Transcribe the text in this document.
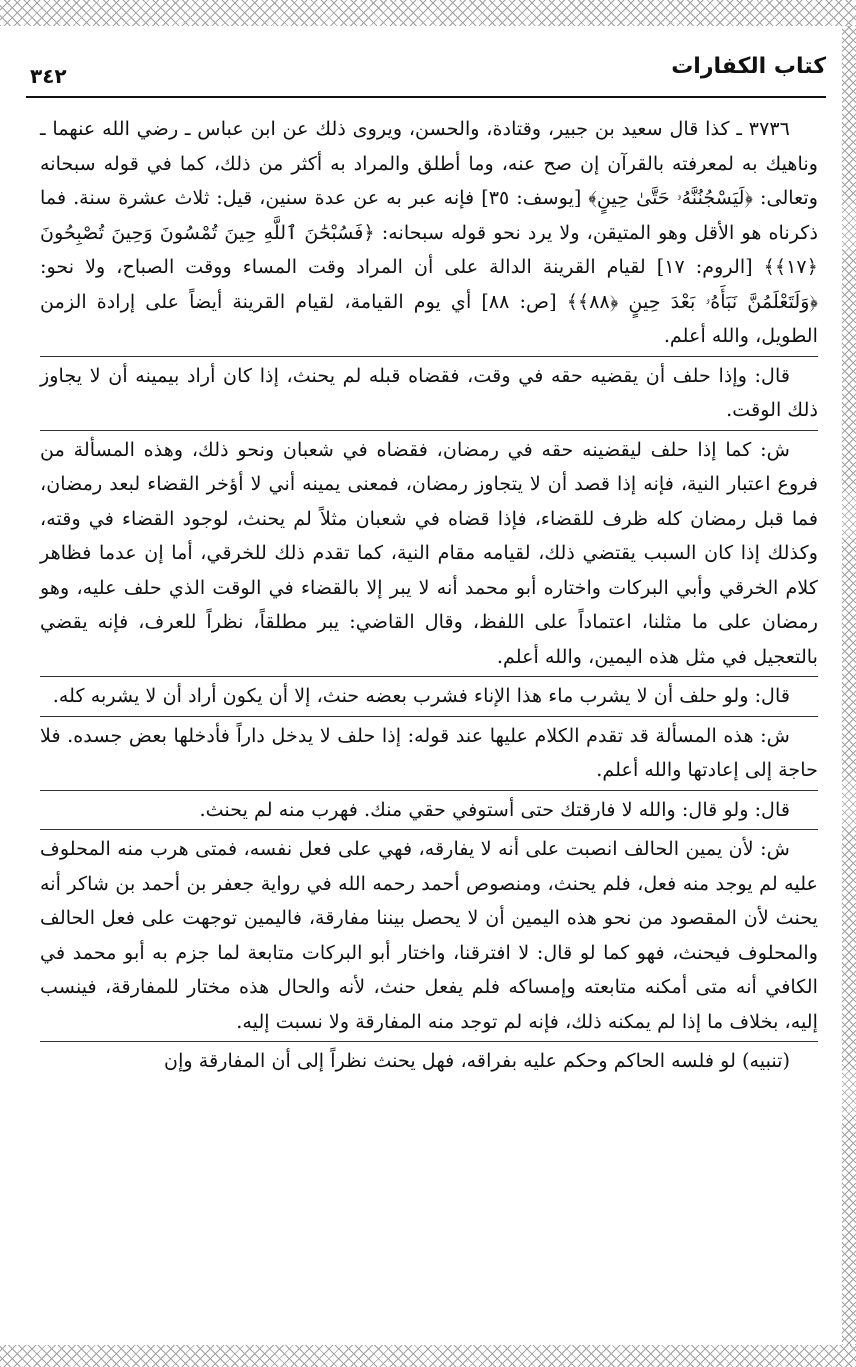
كتاب الكفارات
٣٤٢

٣٧٣٦ ـ كذا قال سعيد بن جبير، وقتادة، والحسن، ويروى ذلك عن ابن عباس ـ رضي الله عنهما ـ وناهيك به لمعرفته بالقرآن إن صح عنه، وما أطلق والمراد به أكثر من ذلك، كما في قوله سبحانه وتعالى: ﴿لَيَسْجُنُنَّهُۥ حَتَّىٰ حِينٍ﴾ [يوسف: ٣٥] فإنه عبر به عن عدة سنين، قيل: ثلاث عشرة سنة. فما ذكرناه هو الأقل وهو المتيقن، ولا يرد نحو قوله سبحانه: ﴿فَسُبْحَٰنَ ٱللَّهِ حِينَ تُمْسُونَ وَحِينَ تُصْبِحُونَ ﴿١٧﴾﴾ [الروم: ١٧] لقيام القرينة الدالة على أن المراد وقت المساء ووقت الصباح، ولا نحو: ﴿وَلَتَعْلَمُنَّ نَبَأَهُۥ بَعْدَ حِينٍ ﴿٨٨﴾﴾ [ص: ٨٨] أي يوم القيامة، لقيام القرينة أيضاً على إرادة الزمن الطويل، والله أعلم.

قال: وإذا حلف أن يقضيه حقه في وقت، فقضاه قبله لم يحنث، إذا كان أراد بيمينه أن لا يجاوز ذلك الوقت.

ش: كما إذا حلف ليقضينه حقه في رمضان، فقضاه في شعبان ونحو ذلك، وهذه المسألة من فروع اعتبار النية، فإنه إذا قصد أن لا يتجاوز رمضان، فمعنى يمينه أني لا أؤخر القضاء لبعد رمضان، فما قبل رمضان كله ظرف للقضاء، فإذا قضاه في شعبان مثلاً لم يحنث، لوجود القضاء في وقته، وكذلك إذا كان السبب يقتضي ذلك، لقيامه مقام النية، كما تقدم ذلك للخرقي، أما إن عدما فظاهر كلام الخرقي وأبي البركات واختاره أبو محمد أنه لا يبر إلا بالقضاء في الوقت الذي حلف عليه، وهو رمضان على ما مثلنا، اعتماداً على اللفظ، وقال القاضي: يبر مطلقاً، نظراً للعرف، فإنه يقضي بالتعجيل في مثل هذه اليمين، والله أعلم.

قال: ولو حلف أن لا يشرب ماء هذا الإناء فشرب بعضه حنث، إلا أن يكون أراد أن لا يشربه كله.

ش: هذه المسألة قد تقدم الكلام عليها عند قوله: إذا حلف لا يدخل داراً فأدخلها بعض جسده. فلا حاجة إلى إعادتها والله أعلم.

قال: ولو قال: والله لا فارقتك حتى أستوفي حقي منك. فهرب منه لم يحنث.

ش: لأن يمين الحالف انصبت على أنه لا يفارقه، فهي على فعل نفسه، فمتى هرب منه المحلوف عليه لم يوجد منه فعل، فلم يحنث، ومنصوص أحمد رحمه الله في رواية جعفر بن أحمد بن شاكر أنه يحنث لأن المقصود من نحو هذه اليمين أن لا يحصل بيننا مفارقة، فاليمين توجهت على فعل الحالف والمحلوف فيحنث، فهو كما لو قال: لا افترقنا، واختار أبو البركات متابعة لما جزم به أبو محمد في الكافي أنه متى أمكنه متابعته وإمساكه فلم يفعل حنث، لأنه والحال هذه مختار للمفارقة، فينسب إليه، بخلاف ما إذا لم يمكنه ذلك، فإنه لم توجد منه المفارقة ولا نسبت إليه.

(تنبيه) لو فلسه الحاكم وحكم عليه بفراقه، فهل يحنث نظراً إلى أن المفارقة وإن
